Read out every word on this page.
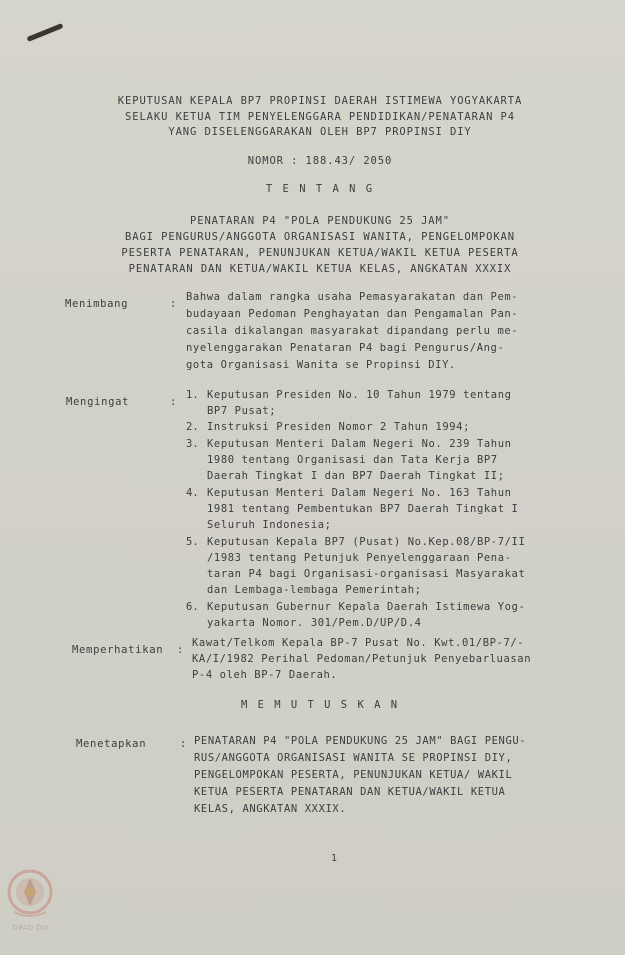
KEPUTUSAN KEPALA BP7 PROPINSI DAERAH ISTIMEWA YOGYAKARTA
SELAKU KETUA TIM PENYELENGGARA PENDIDIKAN/PENATARAN P4
YANG DISELENGGARAKAN OLEH BP7 PROPINSI DIY
NOMOR : 188.43/ 2050
T E N T A N G
PENATARAN P4 "POLA PENDUKUNG 25 JAM"
BAGI PENGURUS/ANGGOTA ORGANISASI WANITA, PENGELOMPOKAN
PESERTA PENATARAN, PENUNJUKAN KETUA/WAKIL KETUA PESERTA
PENATARAN DAN KETUA/WAKIL KETUA KELAS, ANGKATAN XXXIX
Menimbang	:
Bahwa dalam rangka usaha Pemasyarakatan dan Pem-
budayaan Pedoman Penghayatan dan Pengamalan Pan-
casila dikalangan masyarakat dipandang perlu me-
nyelenggarakan Penataran P4 bagi Pengurus/Ang-
gota Organisasi Wanita se Propinsi DIY.
Mengingat	:
1. Keputusan Presiden No. 10 Tahun 1979 tentang
BP7 Pusat;
2. Instruksi Presiden Nomor 2 Tahun 1994;
3. Keputusan Menteri Dalam Negeri No. 239 Tahun
1980 tentang Organisasi dan Tata Kerja BP7
Daerah Tingkat I dan BP7 Daerah Tingkat II;
4. Keputusan Menteri Dalam Negeri No. 163 Tahun
1981 tentang Pembentukan BP7 Daerah Tingkat I
Seluruh Indonesia;
5. Keputusan Kepala BP7 (Pusat) No.Kep.08/BP-7/II
/1983 tentang Petunjuk Penyelenggaraan Pena-
taran P4 bagi Organisasi-organisasi Masyarakat
dan Lembaga-lembaga Pemerintah;
6. Keputusan Gubernur Kepala Daerah Istimewa Yog-
yakarta Nomor. 301/Pem.D/UP/D.4
Memperhatikan :
Kawat/Telkom Kepala BP-7 Pusat No. Kwt.01/BP-7/-
KA/I/1982 Perihal Pedoman/Petunjuk Penyebarluasan
P-4 oleh BP-7 Daerah.
M E M U T U S K A N
Menetapkan	: PENATARAN P4 "POLA PENDUKUNG 25 JAM" BAGI PENGU-
RUS/ANGGOTA ORGANISASI WANITA SE PROPINSI DIY,
PENGELOMPOKAN PESERTA, PENUNJUKAN KETUA/ WAKIL
KETUA PESERTA PENATARAN DAN KETUA/WAKIL KETUA
KELAS, ANGKATAN XXXIX.
1
DPAD DIY
